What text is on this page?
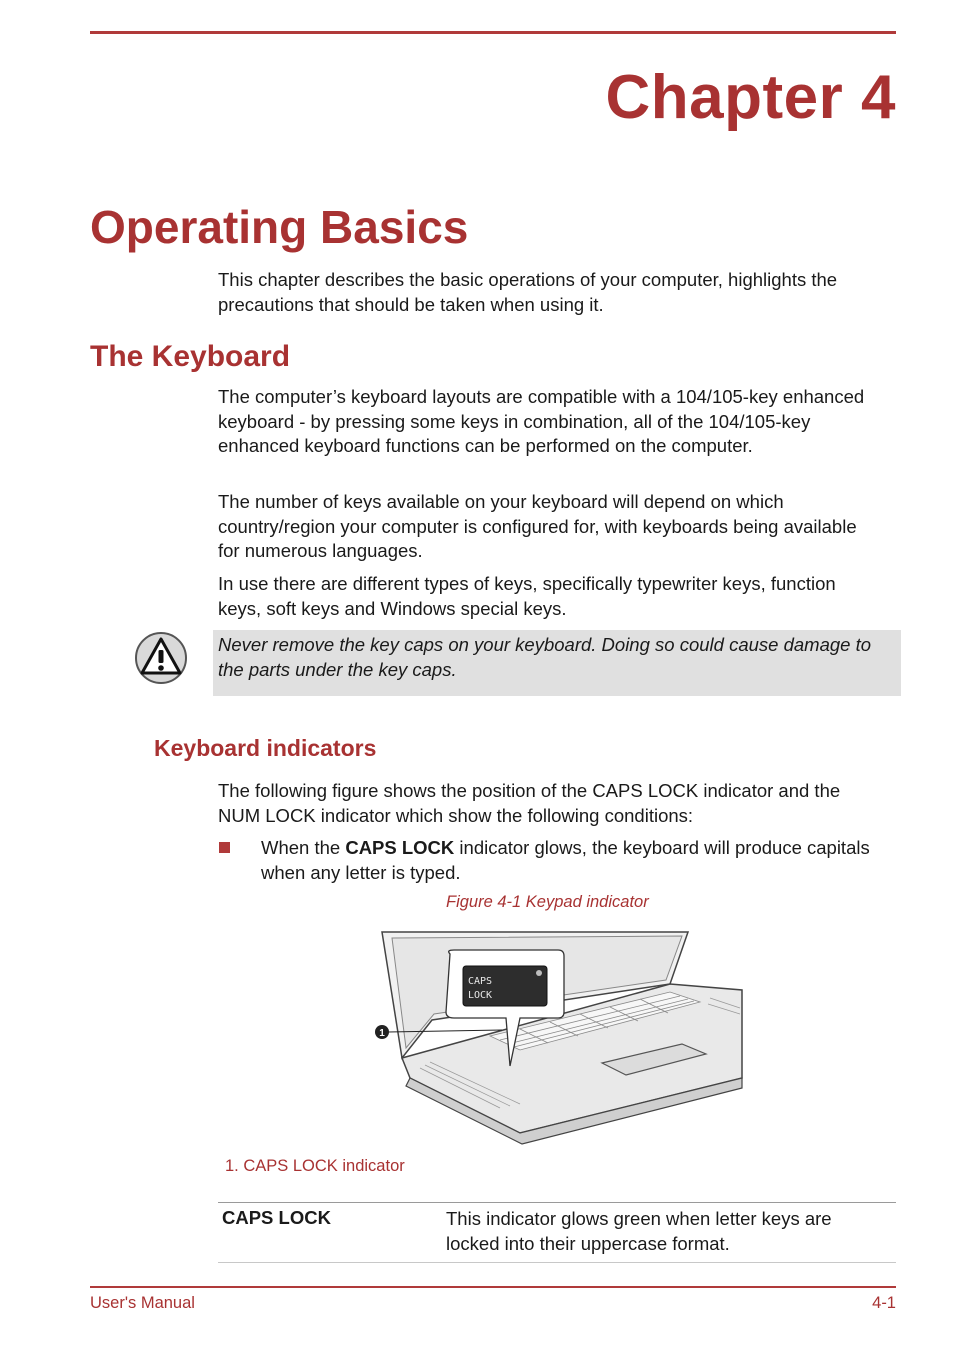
Chapter 4
Operating Basics
This chapter describes the basic operations of your computer, highlights the precautions that should be taken when using it.
The Keyboard
The computer’s keyboard layouts are compatible with a 104/105-key enhanced keyboard - by pressing some keys in combination, all of the 104/105-key enhanced keyboard functions can be performed on the computer.
The number of keys available on your keyboard will depend on which country/region your computer is configured for, with keyboards being available for numerous languages.
In use there are different types of keys, specifically typewriter keys, function keys, soft keys and Windows special keys.
Never remove the key caps on your keyboard. Doing so could cause damage to the parts under the key caps.
Keyboard indicators
The following figure shows the position of the CAPS LOCK indicator and the NUM LOCK indicator which show the following conditions:
When the CAPS LOCK indicator glows, the keyboard will produce capitals when any letter is typed.
Figure 4-1 Keypad indicator
CAPS
LOCK
1
1. CAPS LOCK indicator
CAPS LOCK	This indicator glows green when letter keys are locked into their uppercase format.
User's Manual	4-1
